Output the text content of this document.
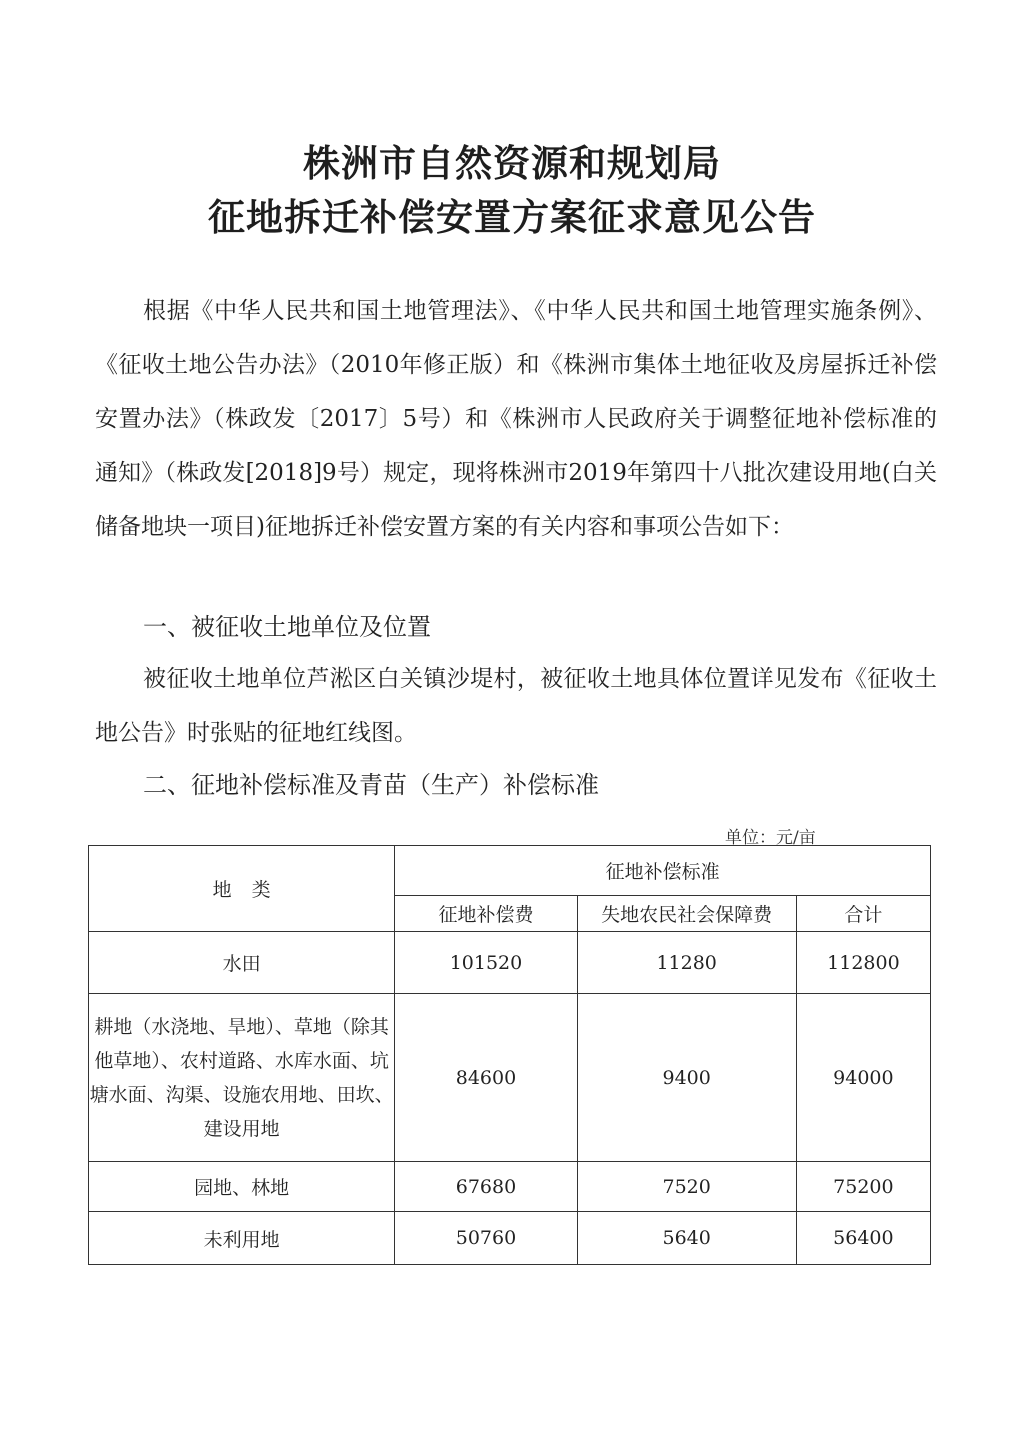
株洲市自然资源和规划局
征地拆迁补偿安置方案征求意见公告

根据《中华人民共和国土地管理法》、《中华人民共和国土地管理实施条例》、《征收土地公告办法》（2010年修正版）和《株洲市集体土地征收及房屋拆迁补偿安置办法》（株政发〔2017〕5号）和《株洲市人民政府关于调整征地补偿标准的通知》（株政发[2018]9号）规定，现将株洲市2019年第四十八批次建设用地(白关储备地块一项目)征地拆迁补偿安置方案的有关内容和事项公告如下：

一、被征收土地单位及位置

被征收土地单位芦淞区白关镇沙堤村，被征收土地具体位置详见发布《征收土地公告》时张贴的征地红线图。

二、征地补偿标准及青苗（生产）补偿标准

单位：元/亩

地类	征地补偿标准		
	征地补偿费	失地农民社会保障费	合计
水田	101520	11280	112800
耕地（水浇地、旱地）、草地（除其他草地）、农村道路、水库水面、坑塘水面、沟渠、设施农用地、田坎、建设用地	84600	9400	94000
园地、林地	67680	7520	75200
未利用地	50760	5640	56400
